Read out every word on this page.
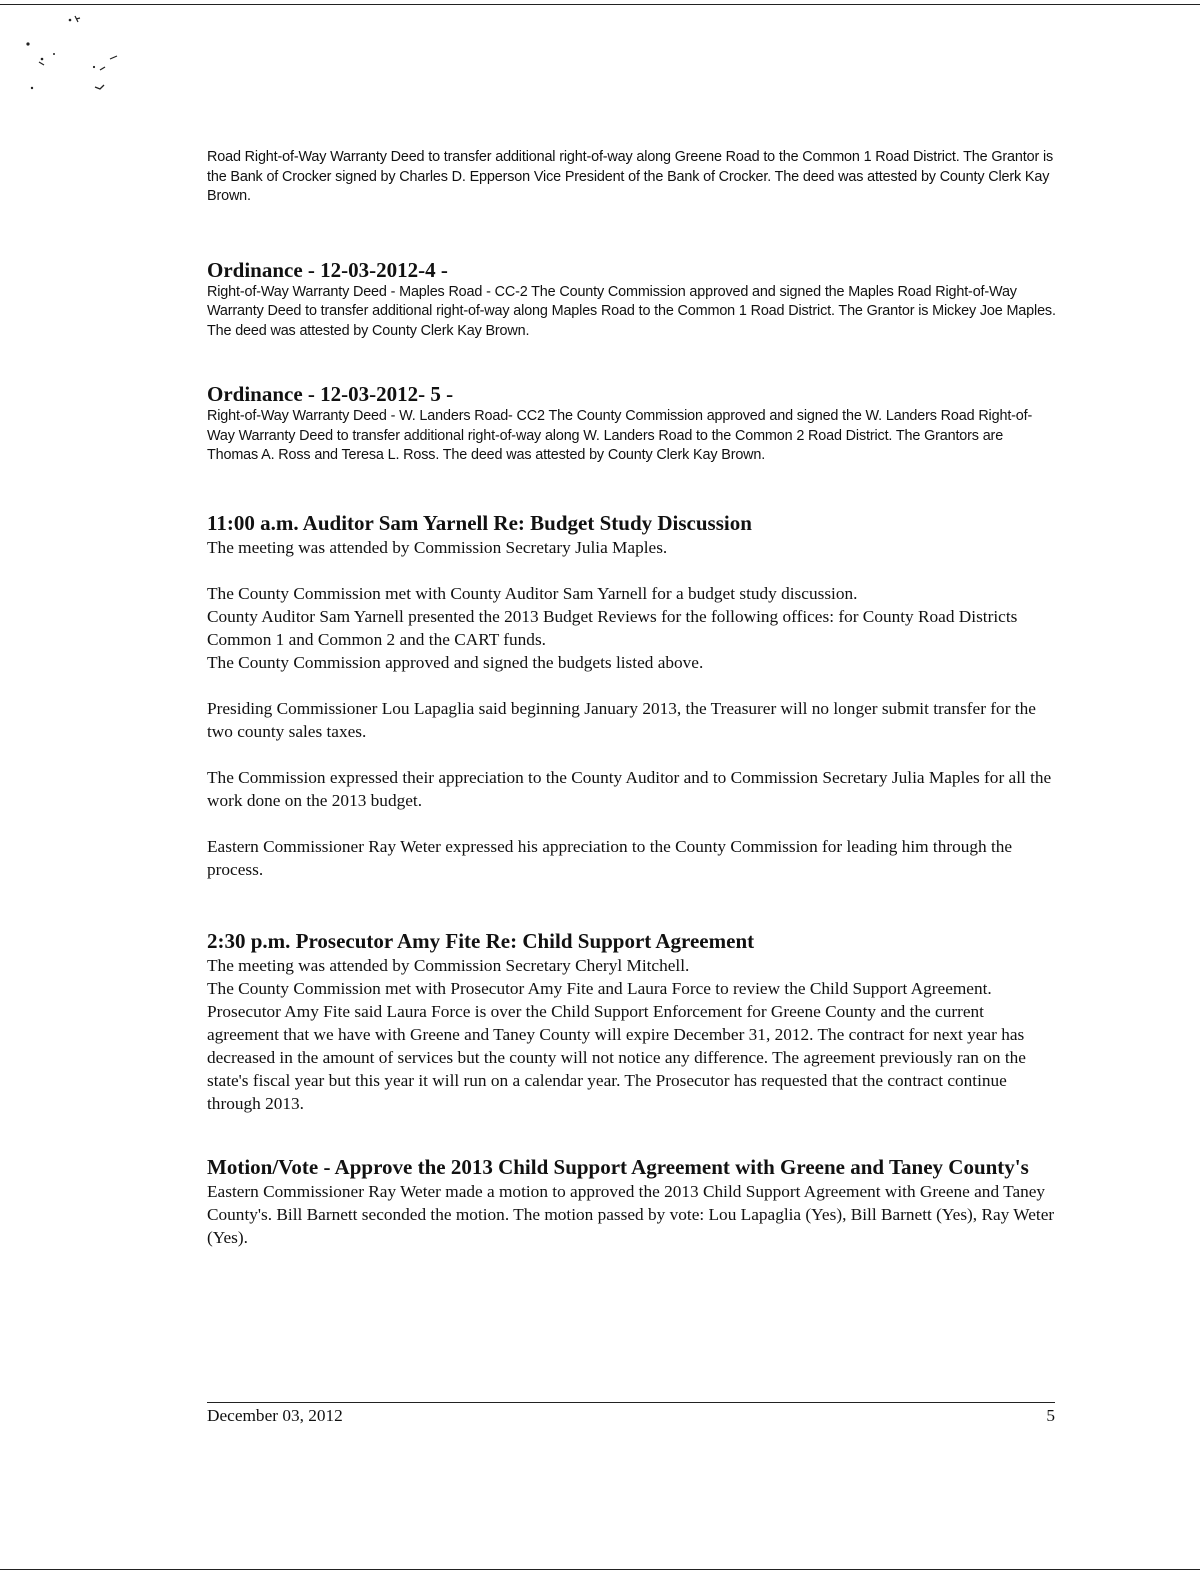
Road Right-of-Way Warranty Deed to transfer additional right-of-way along Greene Road to the Common 1 Road District. The Grantor is the Bank of Crocker signed by Charles D. Epperson Vice President of the Bank of Crocker. The deed was attested by County Clerk Kay Brown.

Ordinance - 12-03-2012-4 -

Right-of-Way Warranty Deed - Maples Road - CC-2 The County Commission approved and signed the Maples Road Right-of-Way Warranty Deed to transfer additional right-of-way along Maples Road to the Common 1 Road District. The Grantor is Mickey Joe Maples. The deed was attested by County Clerk Kay Brown.

Ordinance - 12-03-2012- 5 -

Right-of-Way Warranty Deed - W. Landers Road- CC2 The County Commission approved and signed the W. Landers Road Right-of-Way Warranty Deed to transfer additional right-of-way along W. Landers Road to the Common 2 Road District. The Grantors are Thomas A. Ross and Teresa L. Ross. The deed was attested by County Clerk Kay Brown.

11:00 a.m. Auditor Sam Yarnell Re: Budget Study Discussion

The meeting was attended by Commission Secretary Julia Maples.

The County Commission met with County Auditor Sam Yarnell for a budget study discussion.

County Auditor Sam Yarnell presented the 2013 Budget Reviews for the following offices: for County Road Districts Common 1 and Common 2 and the CART funds.

The County Commission approved and signed the budgets listed above.

Presiding Commissioner Lou Lapaglia said beginning January 2013, the Treasurer will no longer submit transfer for the two county sales taxes.

The Commission expressed their appreciation to the County Auditor and to Commission Secretary Julia Maples for all the work done on the 2013 budget.

Eastern Commissioner Ray Weter expressed his appreciation to the County Commission for leading him through the process.

2:30 p.m. Prosecutor Amy Fite Re: Child Support Agreement

The meeting was attended by Commission Secretary Cheryl Mitchell.

The County Commission met with Prosecutor Amy Fite and Laura Force to review the Child Support Agreement.

Prosecutor Amy Fite said Laura Force is over the Child Support Enforcement for Greene County and the current agreement that we have with Greene and Taney County will expire December 31, 2012. The contract for next year has decreased in the amount of services but the county will not notice any difference. The agreement previously ran on the state's fiscal year but this year it will run on a calendar year. The Prosecutor has requested that the contract continue through 2013.

Motion/Vote - Approve the 2013 Child Support Agreement with Greene and Taney County's

Eastern Commissioner Ray Weter made a motion to approved the 2013 Child Support Agreement with Greene and Taney County's. Bill Barnett seconded the motion. The motion passed by vote: Lou Lapaglia (Yes), Bill Barnett (Yes), Ray Weter (Yes).

December 03, 2012	5
